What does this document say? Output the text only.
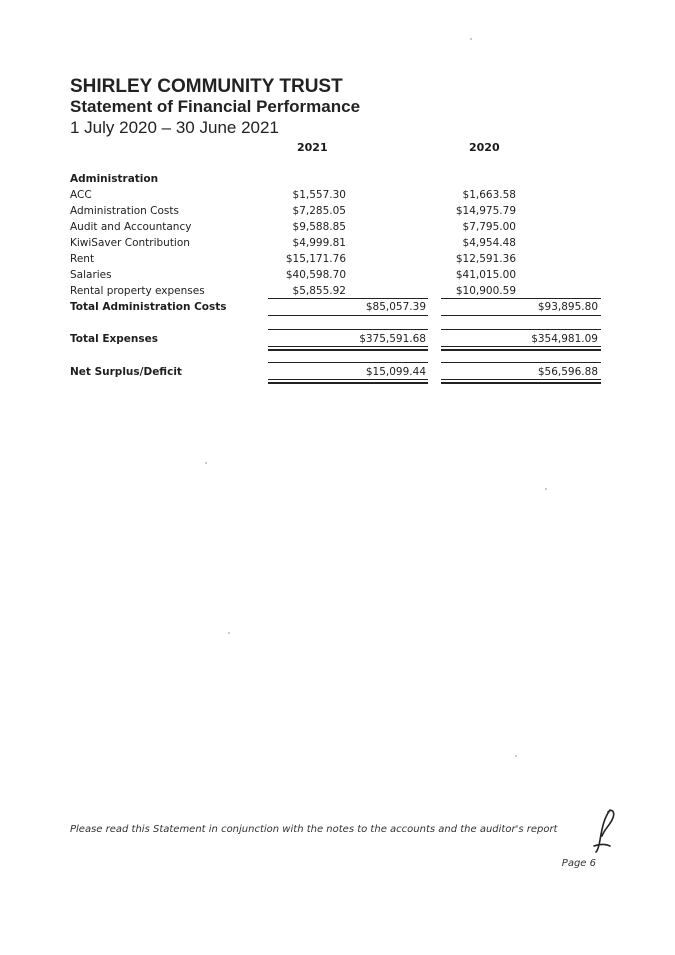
SHIRLEY COMMUNITY TRUST
Statement of Financial Performance
1 July 2020 – 30 June 2021
2021	2020
Administration
ACC	$1,557.30	$1,663.58
Administration Costs	$7,285.05	$14,975.79
Audit and Accountancy	$9,588.85	$7,795.00
KiwiSaver Contribution	$4,999.81	$4,954.48
Rent	$15,171.76	$12,591.36
Salaries	$40,598.70	$41,015.00
Rental property expenses	$5,855.92	$10,900.59
Total Administration Costs	$85,057.39	$93,895.80
Total Expenses	$375,591.68	$354,981.09
Net Surplus/Deficit	$15,099.44	$56,596.88
Please read this Statement in conjunction with the notes to the accounts and the auditor's report
Page 6
